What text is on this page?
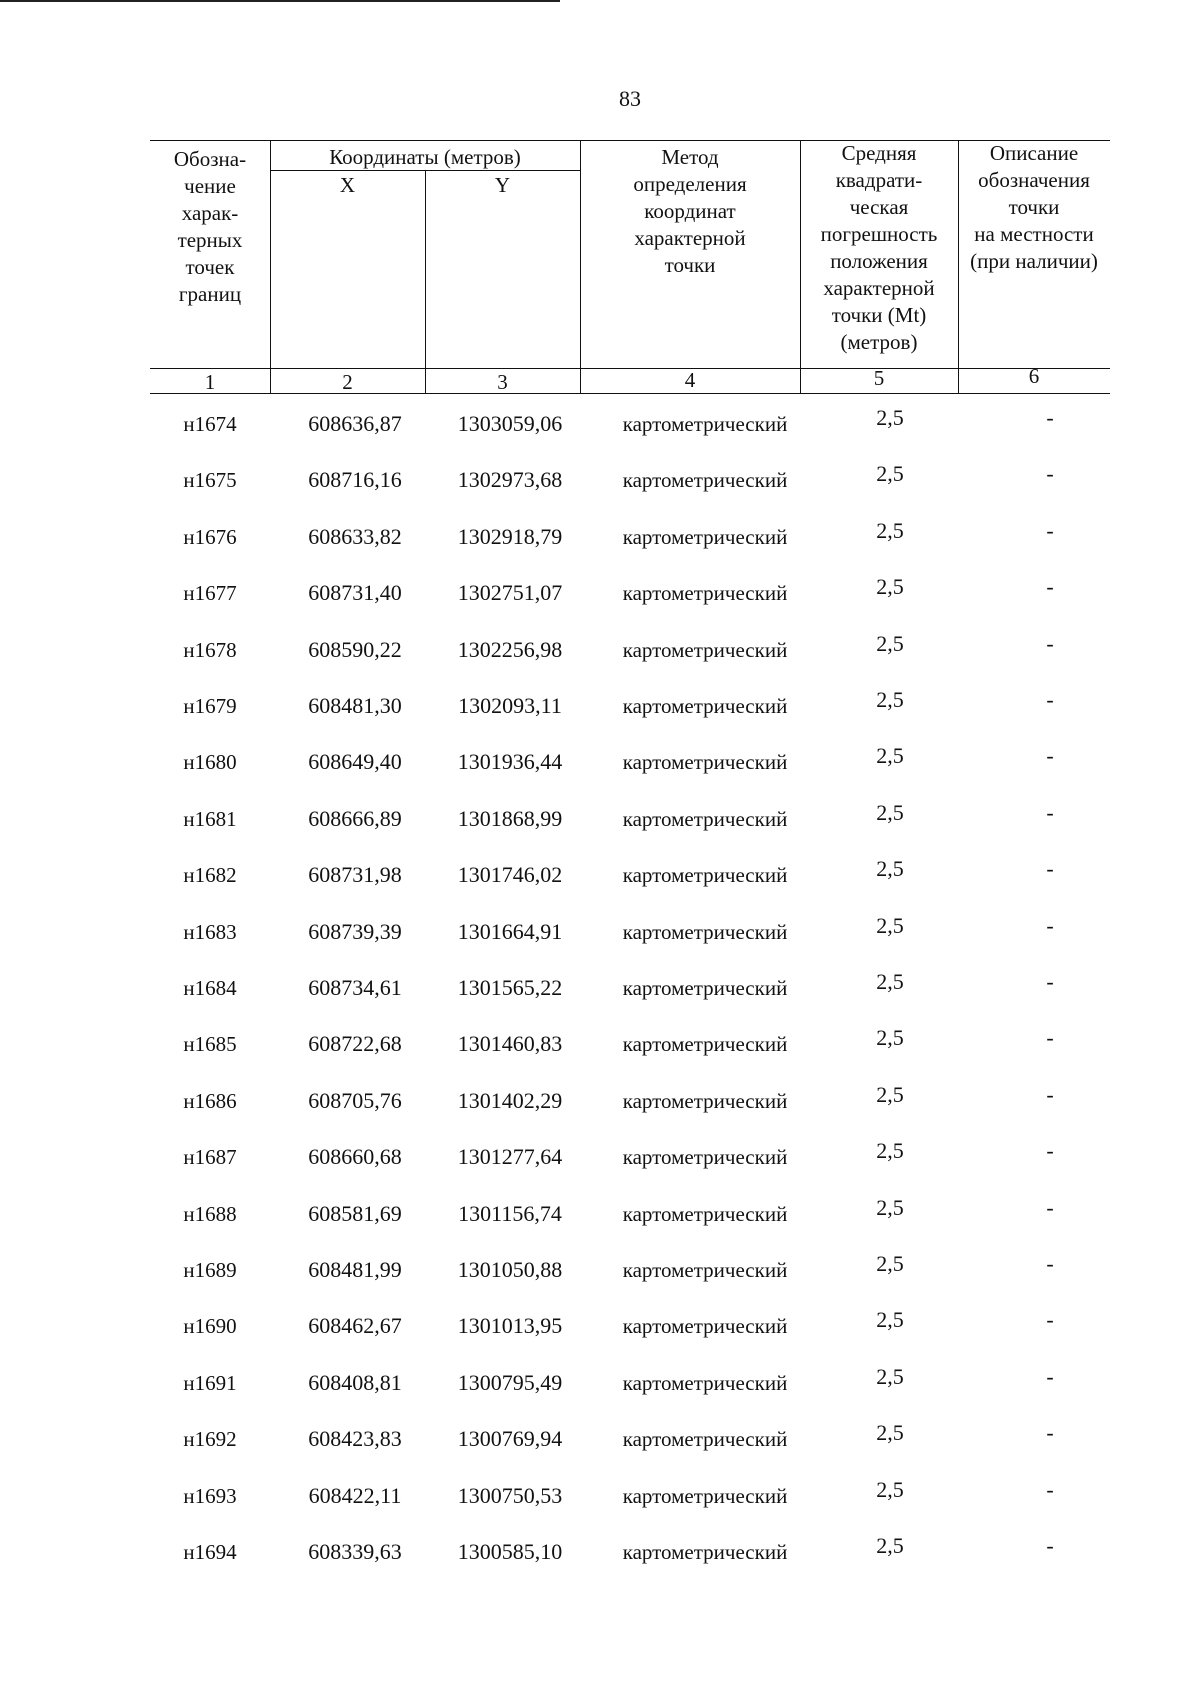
83
Обозна-
чение
харак-
терных
точек
границ
Координаты (метров)
X	Y
Метод
определения
координат
характерной
точки
Средняя
квадрати-
ческая
погрешность
положения
характерной
точки (Mt)
(метров)
Описание
обозначения
точки
на местности
(при наличии)
1	2	3	4	5	6
н1674	608636,87	1303059,06	картометрический	2,5	-
н1675	608716,16	1302973,68	картометрический	2,5	-
н1676	608633,82	1302918,79	картометрический	2,5	-
н1677	608731,40	1302751,07	картометрический	2,5	-
н1678	608590,22	1302256,98	картометрический	2,5	-
н1679	608481,30	1302093,11	картометрический	2,5	-
н1680	608649,40	1301936,44	картометрический	2,5	-
н1681	608666,89	1301868,99	картометрический	2,5	-
н1682	608731,98	1301746,02	картометрический	2,5	-
н1683	608739,39	1301664,91	картометрический	2,5	-
н1684	608734,61	1301565,22	картометрический	2,5	-
н1685	608722,68	1301460,83	картометрический	2,5	-
н1686	608705,76	1301402,29	картометрический	2,5	-
н1687	608660,68	1301277,64	картометрический	2,5	-
н1688	608581,69	1301156,74	картометрический	2,5	-
н1689	608481,99	1301050,88	картометрический	2,5	-
н1690	608462,67	1301013,95	картометрический	2,5	-
н1691	608408,81	1300795,49	картометрический	2,5	-
н1692	608423,83	1300769,94	картометрический	2,5	-
н1693	608422,11	1300750,53	картометрический	2,5	-
н1694	608339,63	1300585,10	картометрический	2,5	-
